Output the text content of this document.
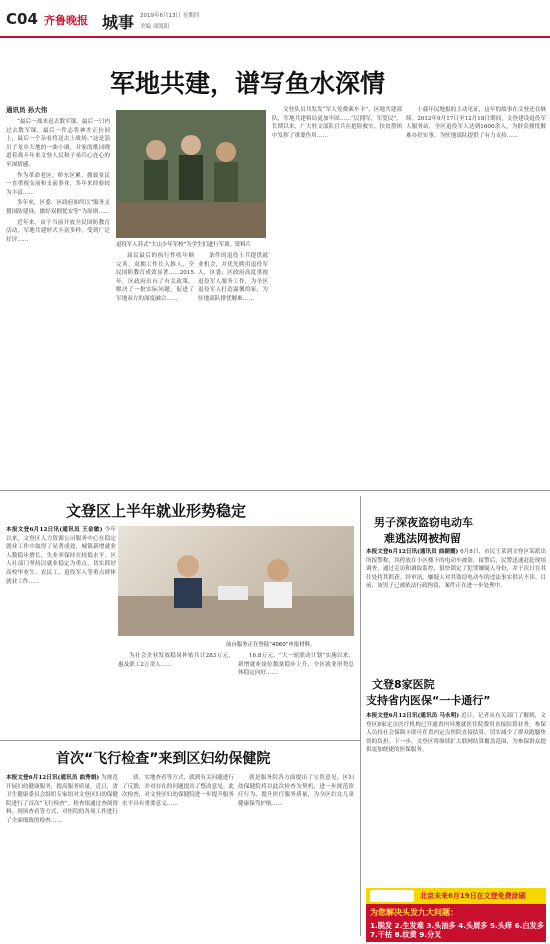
C04 齐鲁晚报 城事 2019年6月13日 星期四
美编 项凯阳
军地共建，谱写鱼水深情
通讯员 孙大伟

“最后一战来迟去散军课，最后一只内过去散军课，最后一件志将神差正拉间上，最后一个杂看将送去上战场。”这是淄川子龙乡大地的一曲小调，并家的歌词晓道着战斗年来文登人民和子弟兵心连心的至深情感。

作为革命老区，桥东区累，拥致景民一直重视支前和支前事业，多年来经验较为丰富……

多年来，区委、区政府始终以“服务支援国防建设、做好双拥优安等”为原则……

近年来，由于当前开放全民国防教育活动，军地共建形式丰富多样，受到广泛好评……

退役军人苏式“大山少年军校”为学生们进行军训。资料片
届民最后的执行性收年顺完善，双拥工作长入推人，全民国防教育成效显著……2015年，区政府出台了有关政策，解决了一批实际问题，促进了军地双方的深度融合……
条件的退役士兵提供就业机会，并优先聘用退役军人，区委、区政府高度重视退役军人服务工作，为全区退役军人打造温馨的家，为驻地部队排忧解难……
文登队员共发发“军人免费乘车卡”，区地共建部队，军地共建格局更加牢固……“民拥军，军爱民”，长期以来，广大驻文部队官兵在抢险救灾、扶贫帮困中发挥了重要作用……
十载年民地报的主动见证，这年的故事在文登还在继续。2012年9月17日至12月18日期间，文登建设退役军人服务站，全区退役军人达到1600余人，为群众排忧解难办好实事，为驻地部队提供了有力支持……
文登区上半年就业形势稳定
本报文登6月12日讯(通讯员 王金敏) 今年以来，文登区人力资源公司服务中心在稳定就业工作中取得了显著成效，城镇新增就业人数稳步增长，失业率保持在较低水平。区人社部门坚持以就业稳定为重点，切实抓好高校毕业生、农民工、退役军人等重点群体就业工作……
前台服务正在登陆“4060”申报材料。
为社会企业发放稳岗补贴共计283万元，惠及职工2万余人……
16.8万元。“大一轮联动计划”实施以来，新增就业岗位数量稳步上升，全区就业形势总体稳定向好……
男子深夜盗窃电动车
难逃法网被拘留
本报文登6月12日讯(通讯员 曲颖霞) 6月8日，市民王某到文登区某派出所报警称，其停放在小区楼下的电动车被盗。接警后，民警迅速赶赴现场调查，通过走访和调取监控，很快锁定了犯罪嫌疑人身份，并于次日在其住处将其抓获。经审讯，嫌疑人对其盗窃电动车的违法事实供认不讳。目前，该男子已被依法行政拘留，案件正在进一步处理中。
文登8家医院
支持省内医保“一卡通行”
本报文登6月12日讯(通讯员 马永明) 近日，记者从有关部门了解到，文登区8家定点医疗机构已开通省内异地就医住院费用直接结算业务，参保人员持社会保障卡即可在省内定点医院直接结算，切实减少了群众跑腿垫资的负担。下一步，文登区将继续扩大联网结算覆盖范围，为参保群众提供更加便捷的医保服务。
首次“飞行检查”来到区妇幼保健院
本报文登6月12日讯(通讯员 曲秀娟) 为规范开展妇幼健康服务，提高服务质量，近日，省卫生健康委员会组织专家组对文登区妇幼保健院进行了首次“飞行检查”。检查组通过查阅资料、现场查看等方式，对医院的各项工作进行了全面细致的检查……
质，实地查看等方式，就到有关问题进行了反馈，并对存在的问题提出了整改意见。此次检查，对文登区妇幼保健院进一步提升服务水平具有重要意义……
就是服务院各方面提出了宝贵意见。区妇幼保健院将以此次检查为契机，进一步规范诊疗行为，提升医疗服务质量，为全区妇女儿童健康保驾护航……
北京未来6月19日在文登免费涂刷
为您解决头发九大问题：
1.脱发 2.生发难 3.头油多 4.头屑多 5.头痒 6.白发多 7.干枯 8.纹黄 9.分叉
